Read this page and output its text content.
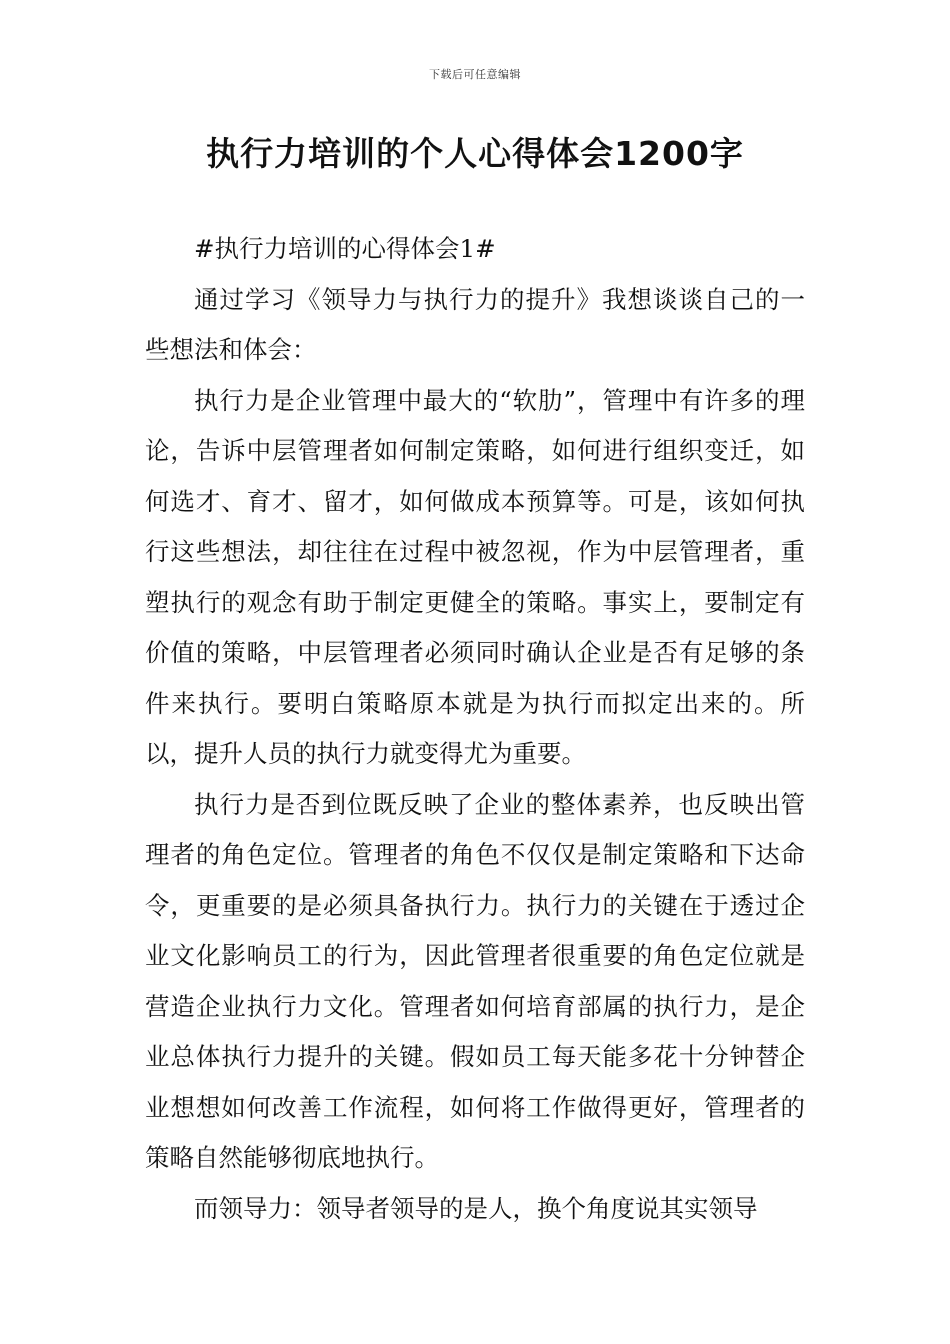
下载后可任意编辑
执行力培训的个人心得体会1200字

#执行力培训的心得体会1#

通过学习《领导力与执行力的提升》我想谈谈自己的一些想法和体会：

执行力是企业管理中最大的“软肋”，管理中有许多的理论，告诉中层管理者如何制定策略，如何进行组织变迁，如何选才、育才、留才，如何做成本预算等。可是，该如何执行这些想法，却往往在过程中被忽视，作为中层管理者，重塑执行的观念有助于制定更健全的策略。事实上，要制定有价值的策略，中层管理者必须同时确认企业是否有足够的条件来执行。要明白策略原本就是为执行而拟定出来的。所以，提升人员的执行力就变得尤为重要。

执行力是否到位既反映了企业的整体素养，也反映出管理者的角色定位。管理者的角色不仅仅是制定策略和下达命令，更重要的是必须具备执行力。执行力的关键在于透过企业文化影响员工的行为，因此管理者很重要的角色定位就是营造企业执行力文化。管理者如何培育部属的执行力，是企业总体执行力提升的关键。假如员工每天能多花十分钟替企业想想如何改善工作流程，如何将工作做得更好，管理者的策略自然能够彻底地执行。

而领导力：领导者领导的是人，换个角度说其实领导
